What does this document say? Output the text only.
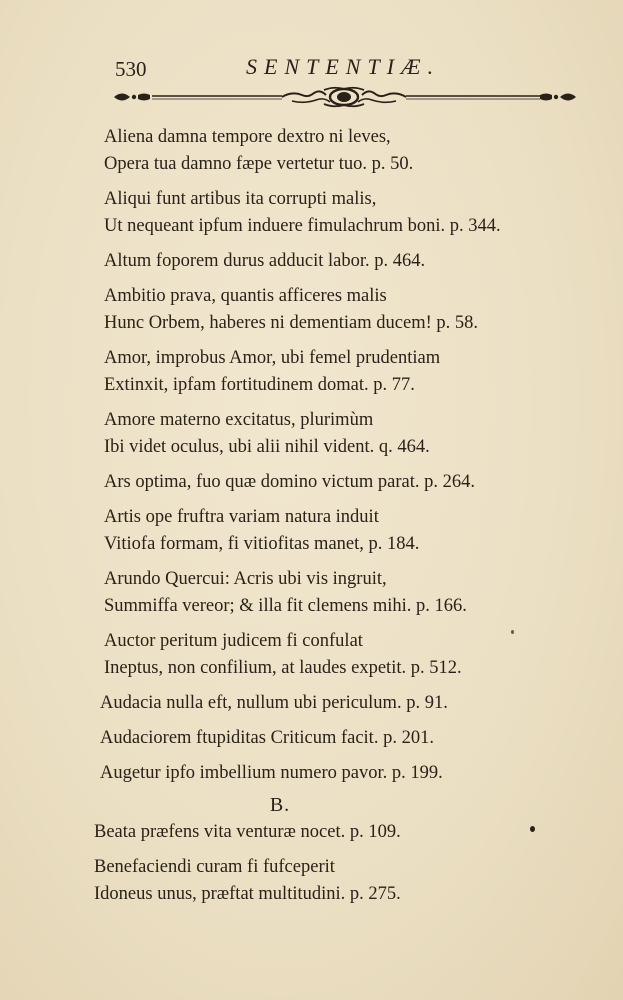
530	SENTENTIÆ.
Aliena damna tempore dextro ni leves,
Opera tua damno fæpe vertetur tuo. p. 50.
Aliqui funt artibus ita corrupti malis,
Ut nequeant ipfum induere fimulachrum boni. p. 344.
Altum foporem durus adducit labor. p. 464.
Ambitio prava, quantis afficeres malis
Hunc Orbem, haberes ni dementiam ducem! p. 58.
Amor, improbus Amor, ubi femel prudentiam
Extinxit, ipfam fortitudinem domat. p. 77.
Amore materno excitatus, plurimùm
Ibi videt oculus, ubi alii nihil vident. q. 464.
Ars optima, fuo quæ domino victum parat. p. 264.
Artis ope fruftra variam natura induit
Vitiofa formam, fi vitiofitas manet, p. 184.
Arundo Quercui: Acris ubi vis ingruit,
Summiffa vereor; & illa fit clemens mihi. p. 166.
Auctor peritum judicem fi confulat
Ineptus, non confilium, at laudes expetit. p. 512.
Audacia nulla eft, nullum ubi periculum. p. 91.
Audaciorem ftupiditas Criticum facit. p. 201.
Augetur ipfo imbellium numero pavor. p. 199.
B.
Beata præfens vita venturæ nocet. p. 109.
Benefaciendi curam fi fufceperit
Idoneus unus, præftat multitudini. p. 275.
